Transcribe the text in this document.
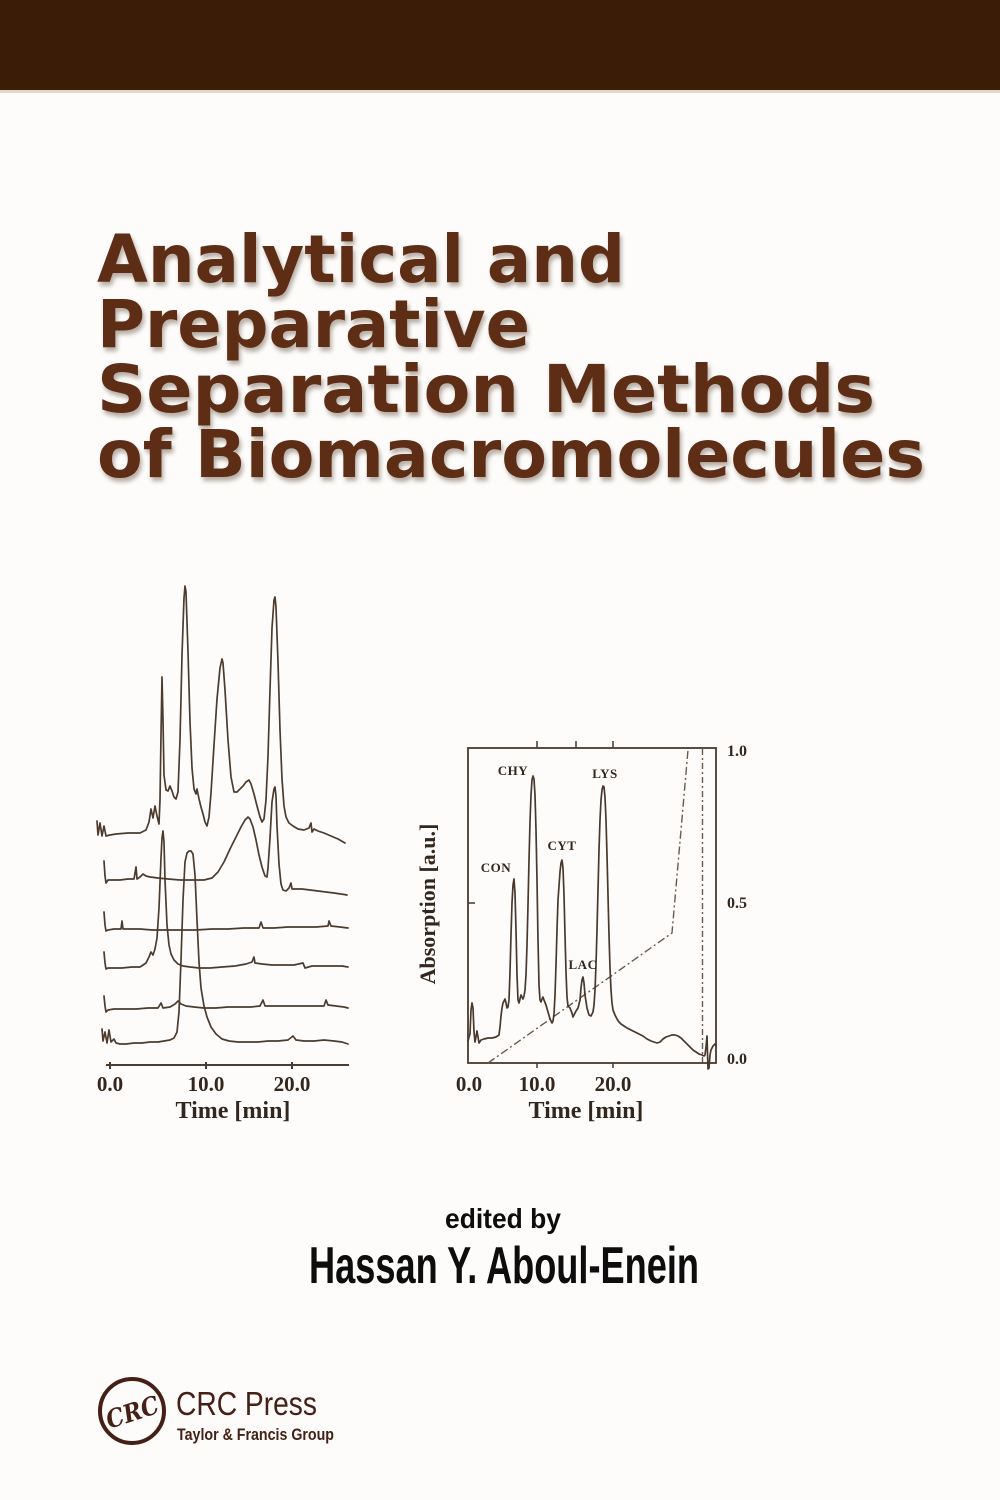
Analytical and
Preparative
Separation Methods
of Biomacromolecules
0.0	10.0 20.0
Time [min]
CON
CHY
CYT
LAC
LYS
0.0 10.0 20.0
1.0
0.5
0.0
Time [min]
Absorption [a.u.]
edited by
Hassan Y. Aboul-Enein
CRC CRC Press
Taylor & Francis Group
